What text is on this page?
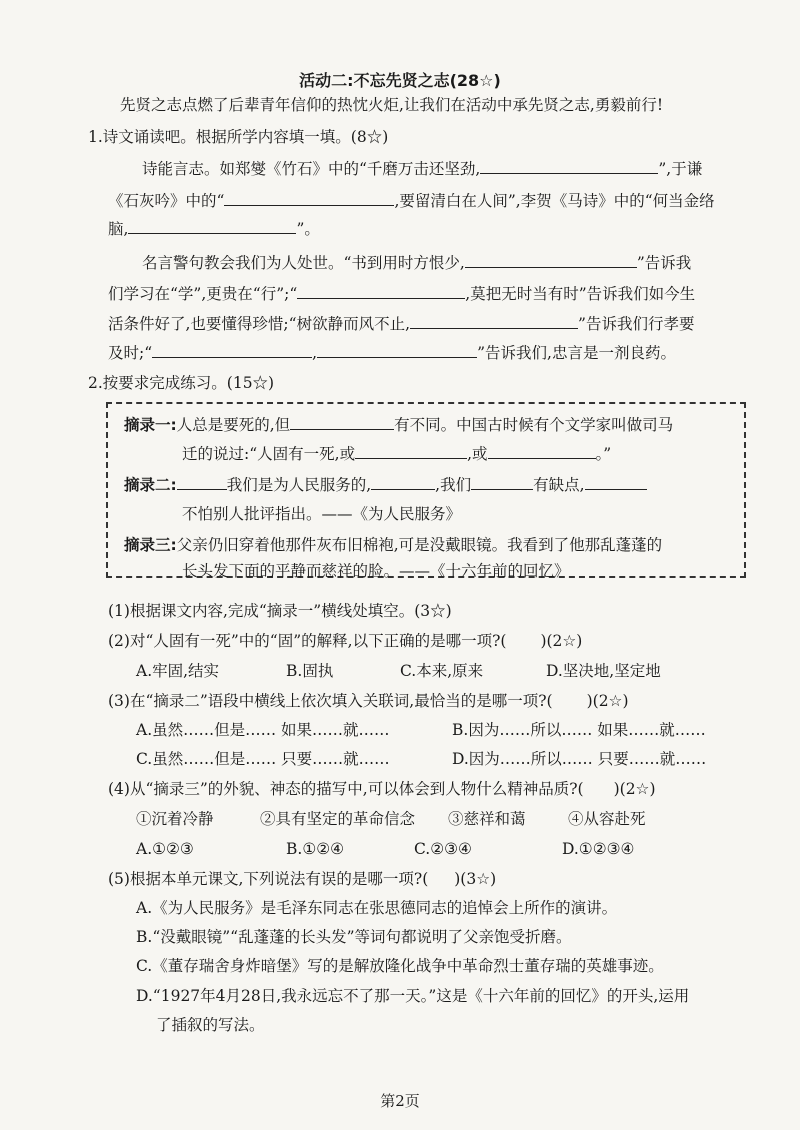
活动二:不忘先贤之志(28☆)
先贤之志点燃了后辈青年信仰的热忱火炬,让我们在活动中承先贤之志,勇毅前行!
1.诗文诵读吧。根据所学内容填一填。(8☆)
诗能言志。如郑燮《竹石》中的“千磨万击还坚劲,	”,于谦
《石灰吟》中的“	,要留清白在人间”,李贺《马诗》中的“何当金络
脑,	”。
名言警句教会我们为人处世。“书到用时方恨少,	”告诉我
们学习在“学”,更贵在“行”;“	,莫把无时当有时”告诉我们如今生
活条件好了,也要懂得珍惜;“树欲静而风不止,	”告诉我们行孝要
及时;“	,	”告诉我们,忠言是一剂良药。
2.按要求完成练习。(15☆)
摘录一:人总是要死的,但	有不同。中国古时候有个文学家叫做司马
迁的说过:“人固有一死,或	,或	。”
摘录二:	我们是为人民服务的,	,我们	有缺点,
不怕别人批评指出。——《为人民服务》
摘录三:父亲仍旧穿着他那件灰布旧棉袍,可是没戴眼镜。我看到了他那乱蓬蓬的
长头发下面的平静而慈祥的脸。——《十六年前的回忆》
(1)根据课文内容,完成“摘录一”横线处填空。(3☆)
(2)对“人固有一死”中的“固”的解释,以下正确的是哪一项?( )(2☆)
A.牢固,结实	B.固执	C.本来,原来	D.坚决地,坚定地
(3)在“摘录二”语段中横线上依次填入关联词,最恰当的是哪一项?( )(2☆)
A.虽然……但是…… 如果……就……	B.因为……所以…… 如果……就……
C.虽然……但是…… 只要……就……	D.因为……所以…… 只要……就……
(4)从“摘录三”的外貌、神态的描写中,可以体会到人物什么精神品质?( )(2☆)
①沉着冷静	②具有坚定的革命信念 ③慈祥和蔼	④从容赴死
A.①②③	B.①②④	C.②③④	D.①②③④
(5)根据本单元课文,下列说法有误的是哪一项?( )(3☆)
A.《为人民服务》是毛泽东同志在张思德同志的追悼会上所作的演讲。
B.“没戴眼镜”“乱蓬蓬的长头发”等词句都说明了父亲饱受折磨。
C.《董存瑞舍身炸暗堡》写的是解放隆化战争中革命烈士董存瑞的英雄事迹。
D.“1927年4月28日,我永远忘不了那一天。”这是《十六年前的回忆》的开头,运用
了插叙的写法。
第2页
